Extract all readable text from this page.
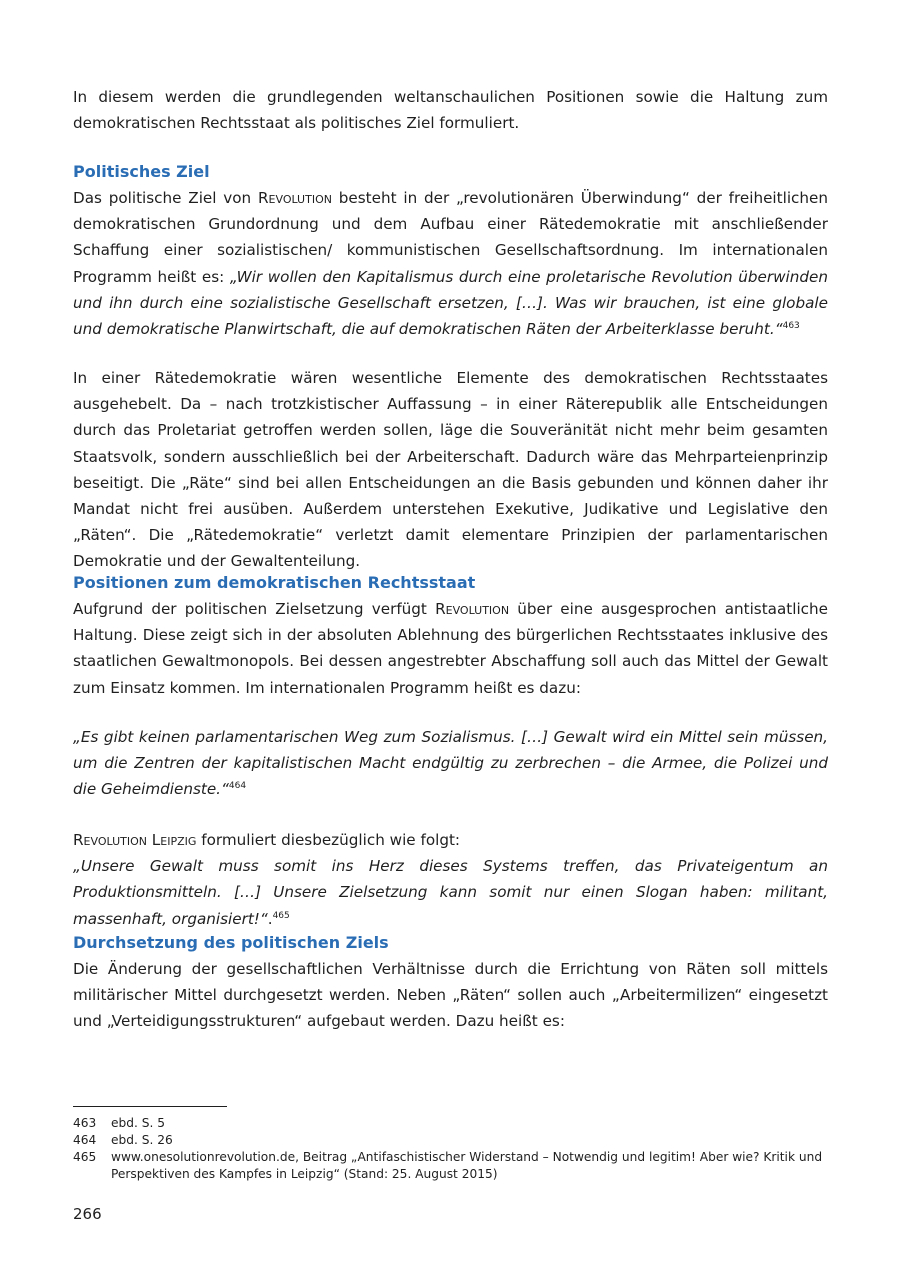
In diesem werden die grundlegenden weltanschaulichen Positionen sowie die Haltung zum demokratischen Rechtsstaat als politisches Ziel formuliert.

Politisches Ziel

Das politische Ziel von Revolution besteht in der „revolutionären Überwindung“ der freiheitlichen demokratischen Grundordnung und dem Aufbau einer Rätedemokratie mit anschließender Schaffung einer sozialistischen/ kommunistischen Gesellschaftsordnung. Im internationalen Programm heißt es: „Wir wollen den Kapitalismus durch eine proletarische Revolution überwinden und ihn durch eine sozialistische Gesellschaft ersetzen, […]. Was wir brauchen, ist eine globale und demokratische Planwirtschaft, die auf demokratischen Räten der Arbeiterklasse beruht.“$^{463}$

In einer Rätedemokratie wären wesentliche Elemente des demokratischen Rechtsstaates ausgehebelt. Da – nach trotzkistischer Auffassung – in einer Räterepublik alle Entscheidungen durch das Proletariat getroffen werden sollen, läge die Souveränität nicht mehr beim gesamten Staatsvolk, sondern ausschließlich bei der Arbeiterschaft. Dadurch wäre das Mehrparteienprinzip beseitigt. Die „Räte“ sind bei allen Entscheidungen an die Basis gebunden und können daher ihr Mandat nicht frei ausüben. Außerdem unterstehen Exekutive, Judikative und Legislative den „Räten“. Die „Rätedemokratie“ verletzt damit elementare Prinzipien der parlamentarischen Demokratie und der Gewaltenteilung.

Positionen zum demokratischen Rechtsstaat

Aufgrund der politischen Zielsetzung verfügt Revolution über eine ausgesprochen antistaatliche Haltung. Diese zeigt sich in der absoluten Ablehnung des bürgerlichen Rechtsstaates inklusive des staatlichen Gewaltmonopols. Bei dessen angestrebter Abschaffung soll auch das Mittel der Gewalt zum Einsatz kommen. Im internationalen Programm heißt es dazu:

„Es gibt keinen parlamentarischen Weg zum Sozialismus. […] Gewalt wird ein Mittel sein müssen, um die Zentren der kapitalistischen Macht endgültig zu zerbrechen – die Armee, die Polizei und die Geheimdienste.“$^{464}$

Revolution Leipzig formuliert diesbezüglich wie folgt:
„Unsere Gewalt muss somit ins Herz dieses Systems treffen, das Privateigentum an Produktionsmitteln. […] Unsere Zielsetzung kann somit nur einen Slogan haben: militant, massenhaft, organisiert!“.$^{465}$

Durchsetzung des politischen Ziels

Die Änderung der gesellschaftlichen Verhältnisse durch die Errichtung von Räten soll mittels militärischer Mittel durchgesetzt werden. Neben „Räten“ sollen auch „Arbeitermilizen“ eingesetzt und „Verteidigungsstrukturen“ aufgebaut werden. Dazu heißt es:

463	ebd. S. 5
464	ebd. S. 26
465	www.onesolutionrevolution.de, Beitrag „Antifaschistischer Widerstand – Notwendig und legitim! Aber wie? Kritik und Perspektiven des Kampfes in Leipzig“ (Stand: 25. August 2015)
266
